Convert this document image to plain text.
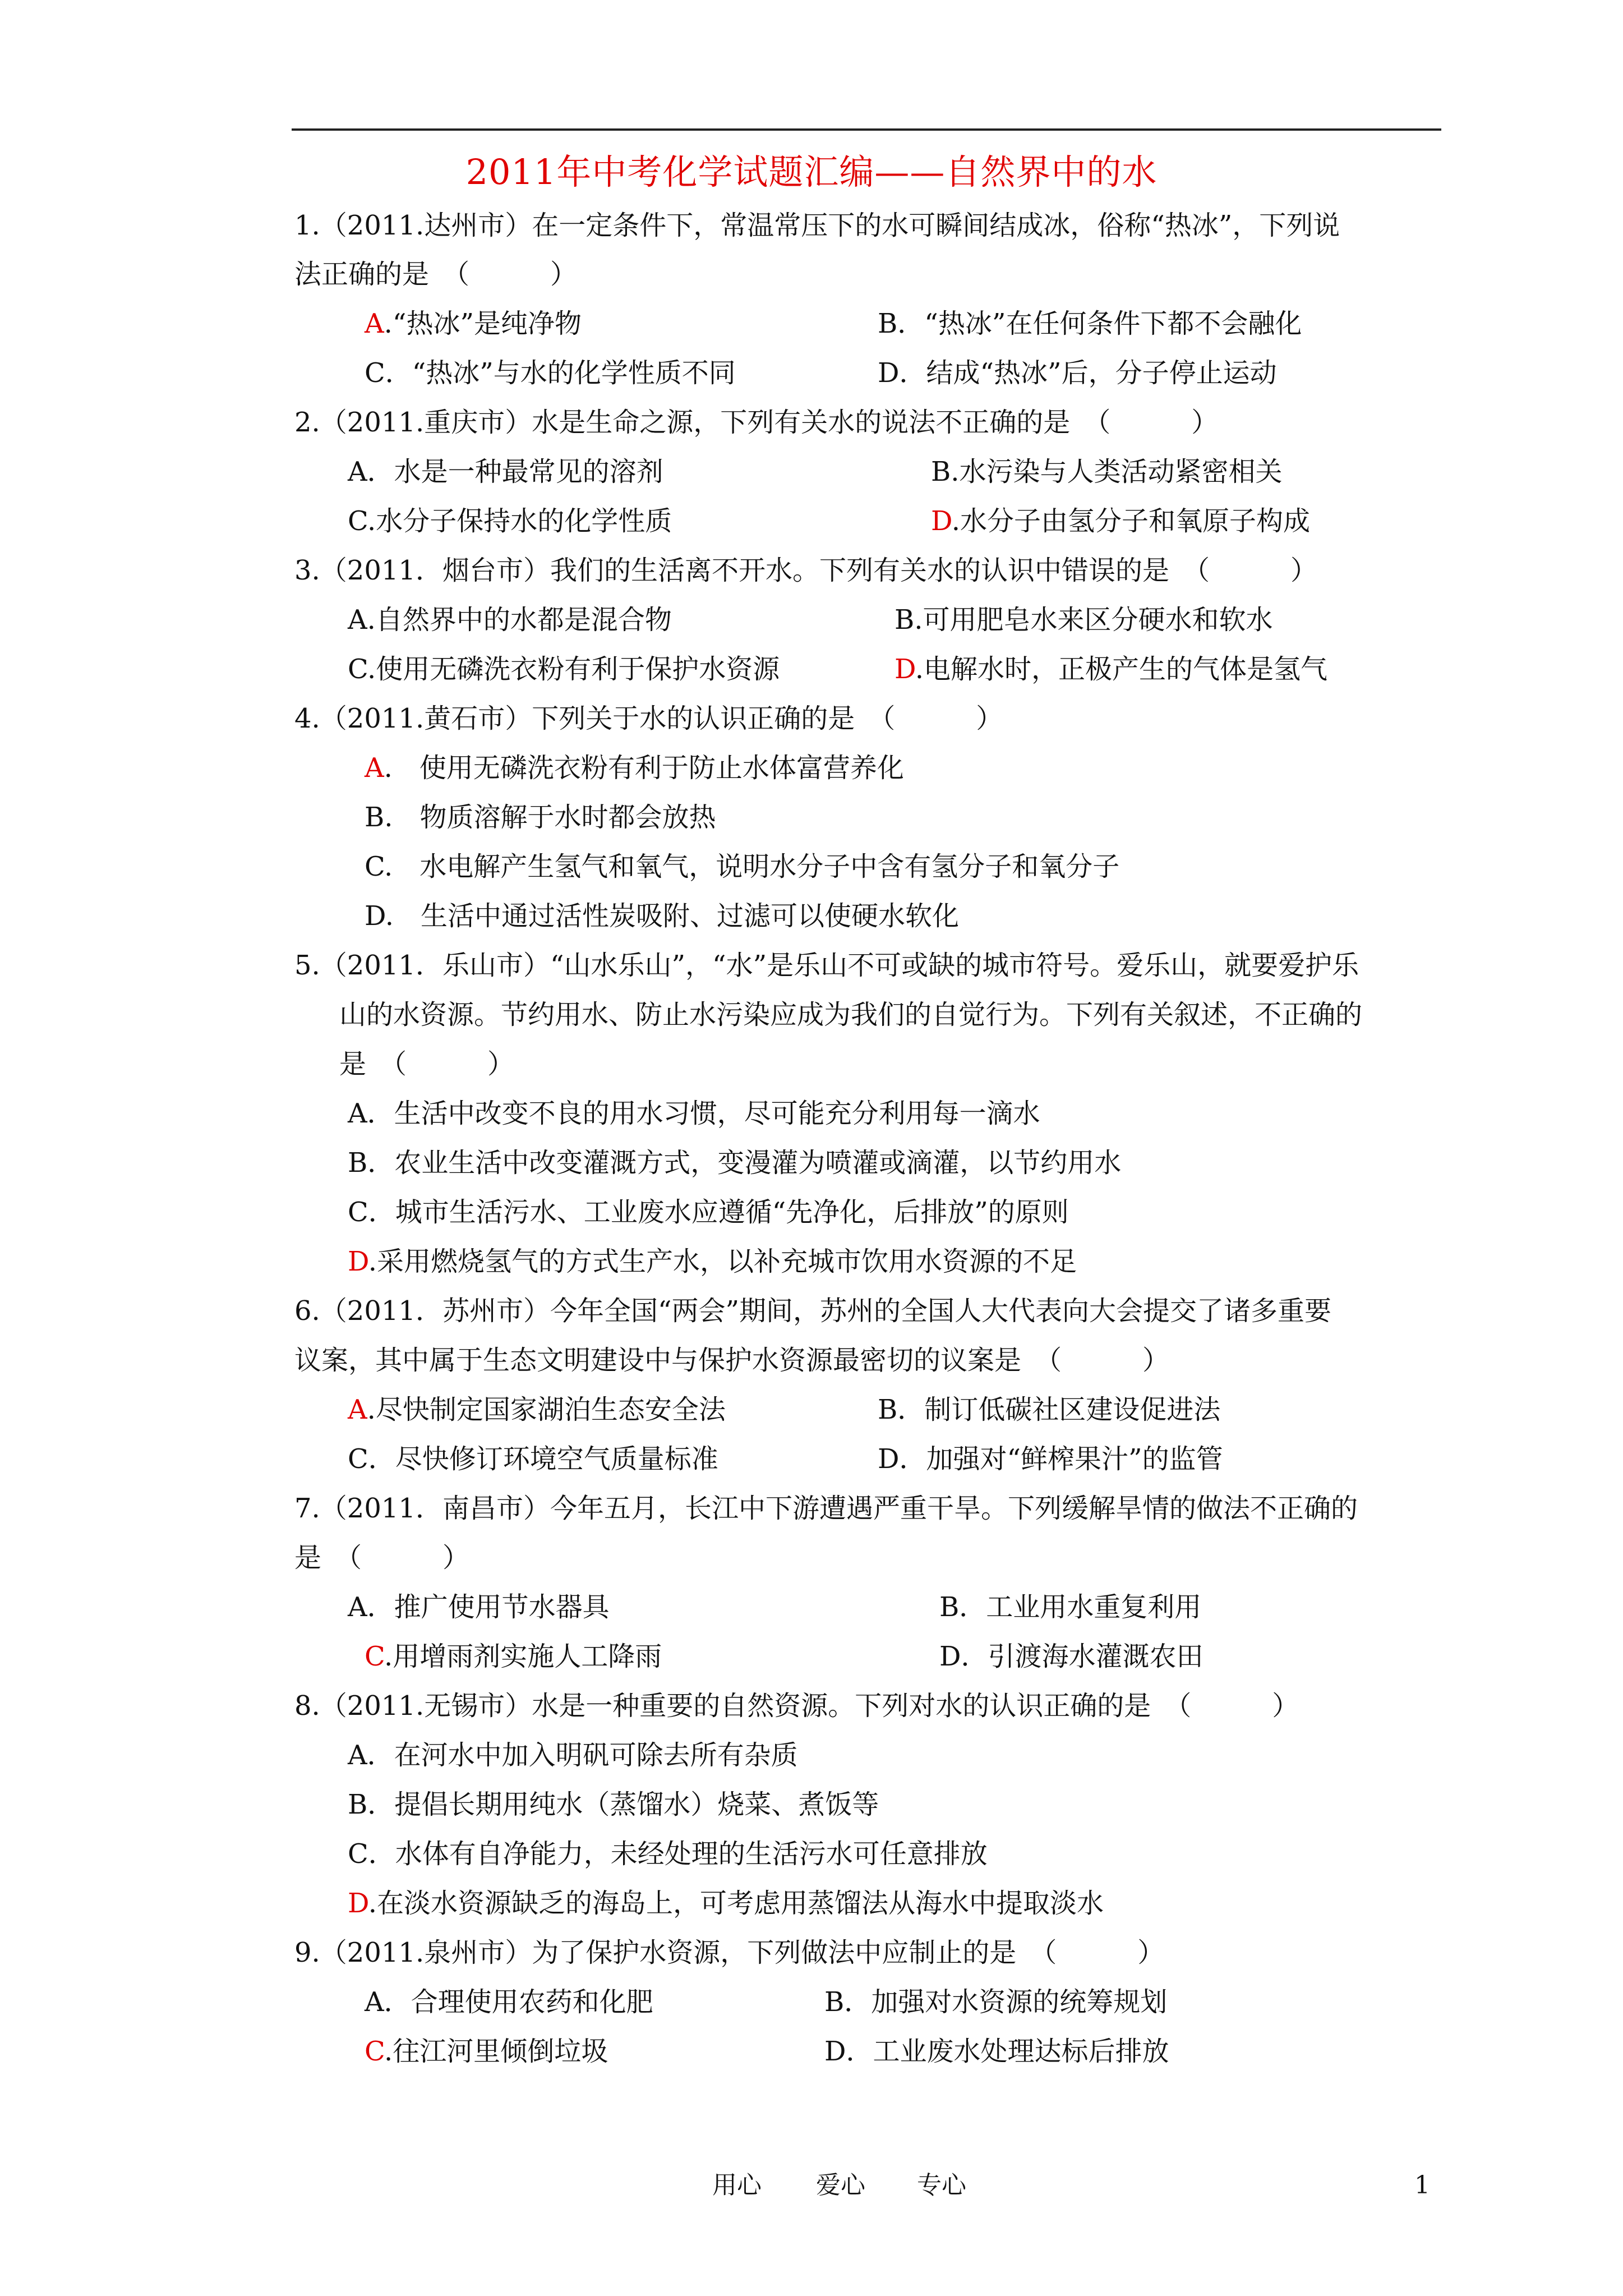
2011年中考化学试题汇编——自然界中的水
1.（2011.达州市）在一定条件下，常温常压下的水可瞬间结成冰，俗称“热冰”，下列说
法正确的是　（　　　）
A.“热冰”是纯净物	B．“热冰”在任何条件下都不会融化
C．“热冰”与水的化学性质不同	D．结成“热冰”后，分子停止运动
2.（2011.重庆市）水是生命之源，下列有关水的说法不正确的是　（　　　）
A．水是一种最常见的溶剂	B.水污染与人类活动紧密相关
C.水分子保持水的化学性质	D.水分子由氢分子和氧原子构成
3.（2011．烟台市）我们的生活离不开水。下列有关水的认识中错误的是　（　　　）
A.自然界中的水都是混合物	B.可用肥皂水来区分硬水和软水
C.使用无磷洗衣粉有利于保护水资源	D.电解水时，正极产生的气体是氢气
4.（2011.黄石市）下列关于水的认识正确的是　（　　　）
A.　使用无磷洗衣粉有利于防止水体富营养化
B.　物质溶解于水时都会放热
C.　水电解产生氢气和氧气，说明水分子中含有氢分子和氧分子
D.　生活中通过活性炭吸附、过滤可以使硬水软化
5.（2011．乐山市）“山水乐山”，“水”是乐山不可或缺的城市符号。爱乐山，就要爱护乐
山的水资源。节约用水、防止水污染应成为我们的自觉行为。下列有关叙述，不正确的
是　（　　　）
A．生活中改变不良的用水习惯，尽可能充分利用每一滴水
B．农业生活中改变灌溉方式，变漫灌为喷灌或滴灌，以节约用水
C．城市生活污水、工业废水应遵循“先净化，后排放”的原则
D.采用燃烧氢气的方式生产水，以补充城市饮用水资源的不足
6.（2011．苏州市）今年全国“两会”期间，苏州的全国人大代表向大会提交了诸多重要
议案，其中属于生态文明建设中与保护水资源最密切的议案是　（　　　）
A.尽快制定国家湖泊生态安全法	B．制订低碳社区建设促进法
C．尽快修订环境空气质量标准	D．加强对“鲜榨果汁”的监管
7.（2011．南昌市）今年五月，长江中下游遭遇严重干旱。下列缓解旱情的做法不正确的
是　（　　　）
A．推广使用节水器具	B．工业用水重复利用
C.用增雨剂实施人工降雨	D．引渡海水灌溉农田
8.（2011.无锡市）水是一种重要的自然资源。下列对水的认识正确的是　（　　　）
A．在河水中加入明矾可除去所有杂质
B．提倡长期用纯水（蒸馏水）烧菜、煮饭等
C．水体有自净能力，未经处理的生活污水可任意排放
D.在淡水资源缺乏的海岛上，可考虑用蒸馏法从海水中提取淡水
9.（2011.泉州市）为了保护水资源，下列做法中应制止的是　（　　　）
A．合理使用农药和化肥	B．加强对水资源的统筹规划
C.往江河里倾倒垃圾	D．工业废水处理达标后排放
用心 爱心 专心	1
